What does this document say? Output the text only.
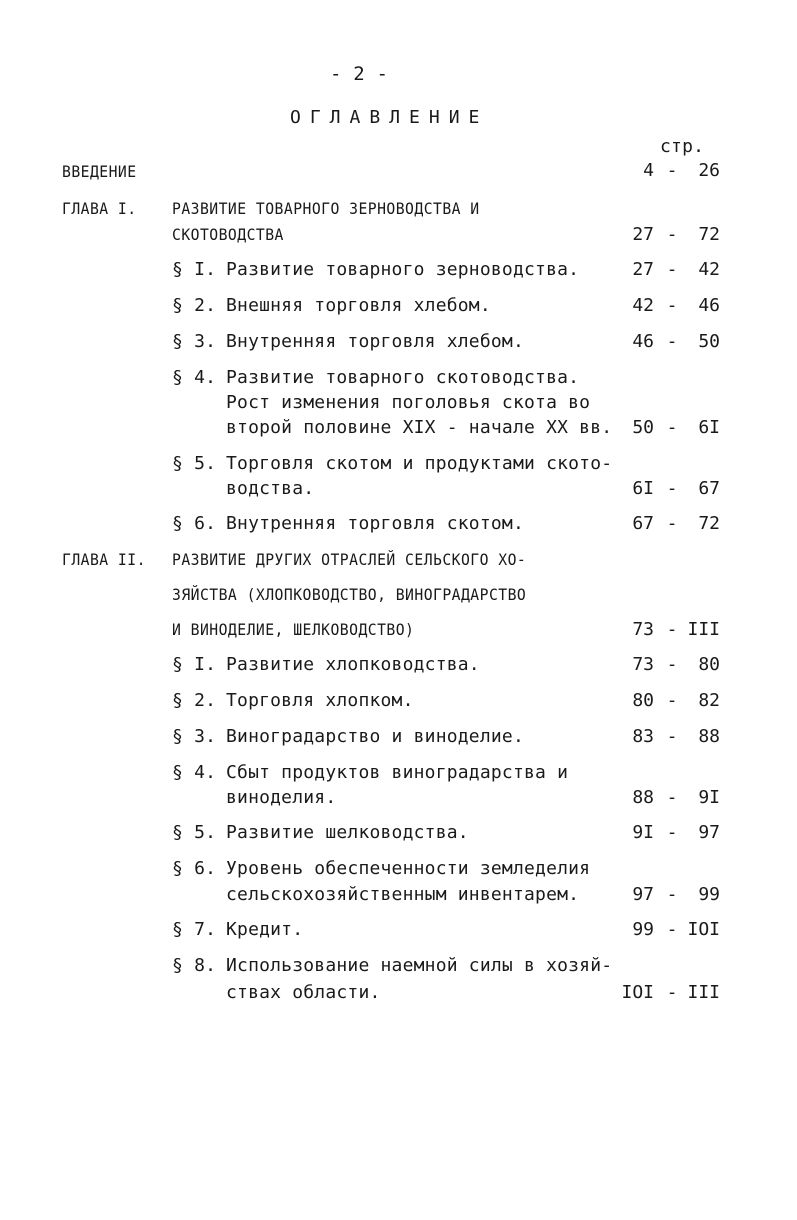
- 2 -
ОГЛАВЛЕНИЕ
стр.
ВВЕДЕНИЕ	4 -	26
ГЛАВА I. РАЗВИТИЕ ТОВАРНОГО ЗЕРНОВОДСТВА И
СКОТОВОДСТВА	27 -	72
§ I. Развитие товарного зерноводства.	27 -	42
§ 2. Внешняя торговля хлебом.	42 -	46
§ 3. Внутренняя торговля хлебом.	46 -	50
§ 4. Развитие товарного скотоводства.
Рост изменения поголовья скота во
второй половине XIX - начале XX вв.	50 -	6I
§ 5. Торговля скотом и продуктами ското-
водства.	6I -	67
§ 6. Внутренняя торговля скотом.	67 -	72
ГЛАВА II. РАЗВИТИЕ ДРУГИХ ОТРАСЛЕЙ СЕЛЬСКОГО ХО-
ЗЯЙСТВА (ХЛОПКОВОДСТВО, ВИНОГРАДАРСТВО
И ВИНОДЕЛИЕ, ШЕЛКОВОДСТВО)	73 - III
§ I. Развитие хлопководства.	73 -	80
§ 2. Торговля хлопком.	80 -	82
§ 3. Виноградарство и виноделие.	83 -	88
§ 4. Сбыт продуктов виноградарства и
виноделия.	88 -	9I
§ 5. Развитие шелководства.	9I -	97
§ 6. Уровень обеспеченности земледелия
сельскохозяйственным инвентарем.	97 -	99
§ 7. Кредит.	99 - IOI
§ 8. Использование наемной силы в хозяй-
ствах области.	IOI - III
